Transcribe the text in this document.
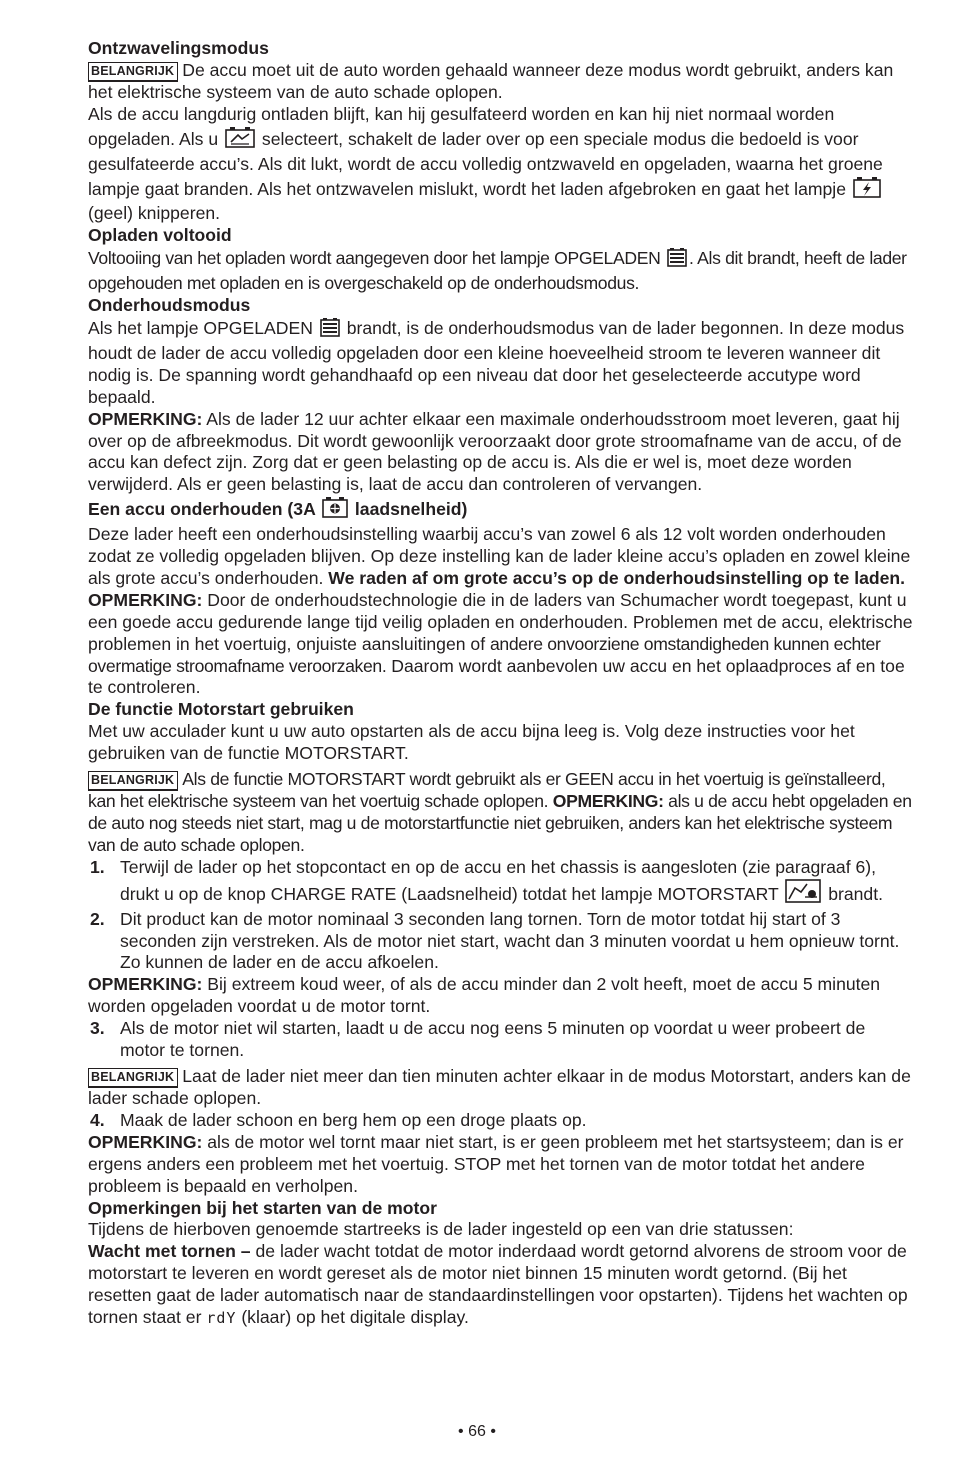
Ontzwavelingsmodus

BELANGRIJK De accu moet uit de auto worden gehaald wanneer deze modus wordt gebruikt, anders kan het elektrische systeem van de auto schade oplopen.

Als de accu langdurig ontladen blijft, kan hij gesulfateerd worden en kan hij niet normaal worden opgeladen. Als u selecteert, schakelt de lader over op een speciale modus die bedoeld is voor gesulfateerde accu’s. Als dit lukt, wordt de accu volledig ontzwaveld en opgeladen, waarna het groene lampje gaat branden. Als het ontzwavelen mislukt, wordt het laden afgebroken en gaat het lampje  (geel) knipperen.

Opladen voltooid

Voltooiing van het opladen wordt aangegeven door het lampje OPGELADEN . Als dit brandt, heeft de lader opgehouden met opladen en is overgeschakeld op de onderhoudsmodus.

Onderhoudsmodus

Als het lampje OPGELADEN brandt, is de onderhoudsmodus van de lader begonnen. In deze modus houdt de lader de accu volledig opgeladen door een kleine hoeveelheid stroom te leveren wanneer dit nodig is. De spanning wordt gehandhaafd op een niveau dat door het geselecteerde accutype word bepaald.

OPMERKING: Als de lader 12 uur achter elkaar een maximale onderhoudsstroom moet leveren, gaat hij over op de afbreekmodus. Dit wordt gewoonlijk veroorzaakt door grote stroomafname van de accu, of de accu kan defect zijn. Zorg dat er geen belasting op de accu is. Als die er wel is, moet deze worden verwijderd. Als er geen belasting is, laat de accu dan controleren of vervangen.

Een accu onderhouden (3A laadsnelheid)

Deze lader heeft een onderhoudsinstelling waarbij accu’s van zowel 6 als 12 volt worden onderhouden zodat ze volledig opgeladen blijven. Op deze instelling kan de lader kleine accu’s opladen en zowel kleine als grote accu’s onderhouden. We raden af om grote accu’s op de onderhoudsinstelling op te laden.

OPMERKING: Door de onderhoudstechnologie die in de laders van Schumacher wordt toegepast, kunt u een goede accu gedurende lange tijd veilig opladen en onderhouden. Problemen met de accu, elektrische problemen in het voertuig, onjuiste aansluitingen of andere onvoorziene omstandigheden kunnen echter overmatige stroomafname veroorzaken. Daarom wordt aanbevolen uw accu en het oplaadproces af en toe te controleren.

De functie Motorstart gebruiken

Met uw acculader kunt u uw auto opstarten als de accu bijna leeg is. Volg deze instructies voor het gebruiken van de functie MOTORSTART.

BELANGRIJK Als de functie MOTORSTART wordt gebruikt als er GEEN accu in het voertuig is geïnstalleerd, kan het elektrische systeem van het voertuig schade oplopen. OPMERKING: als u de accu hebt opgeladen en de auto nog steeds niet start, mag u de motorstartfunctie niet gebruiken, anders kan het elektrische systeem van de auto schade oplopen.

1. Terwijl de lader op het stopcontact en op de accu en het chassis is aangesloten (zie paragraaf 6), drukt u op de knop CHARGE RATE (Laadsnelheid) totdat het lampje MOTORSTART	brandt.
2. Dit product kan de motor nominaal 3 seconden lang tornen. Torn de motor totdat hij start of 3 seconden zijn verstreken. Als de motor niet start, wacht dan 3 minuten voordat u hem opnieuw tornt. Zo kunnen de lader en de accu afkoelen.

OPMERKING: Bij extreem koud weer, of als de accu minder dan 2 volt heeft, moet de accu 5 minuten worden opgeladen voordat u de motor tornt.

3. Als de motor niet wil starten, laadt u de accu nog eens 5 minuten op voordat u weer probeert de motor te tornen.

BELANGRIJK Laat de lader niet meer dan tien minuten achter elkaar in de modus Motorstart, anders kan de lader schade oplopen.

4. Maak de lader schoon en berg hem op een droge plaats op.

OPMERKING: als de motor wel tornt maar niet start, is er geen probleem met het startsysteem; dan is er ergens anders een probleem met het voertuig. STOP met het tornen van de motor totdat het andere probleem is bepaald en verholpen.

Opmerkingen bij het starten van de motor

Tijdens de hierboven genoemde startreeks is de lader ingesteld op een van drie statussen:

Wacht met tornen – de lader wacht totdat de motor inderdaad wordt getornd alvorens de stroom voor de motorstart te leveren en wordt gereset als de motor niet binnen 15 minuten wordt getornd. (Bij het resetten gaat de lader automatisch naar de standaardinstellingen voor opstarten). Tijdens het wachten op tornen staat er rdY (klaar) op het digitale display.

• 66 •
